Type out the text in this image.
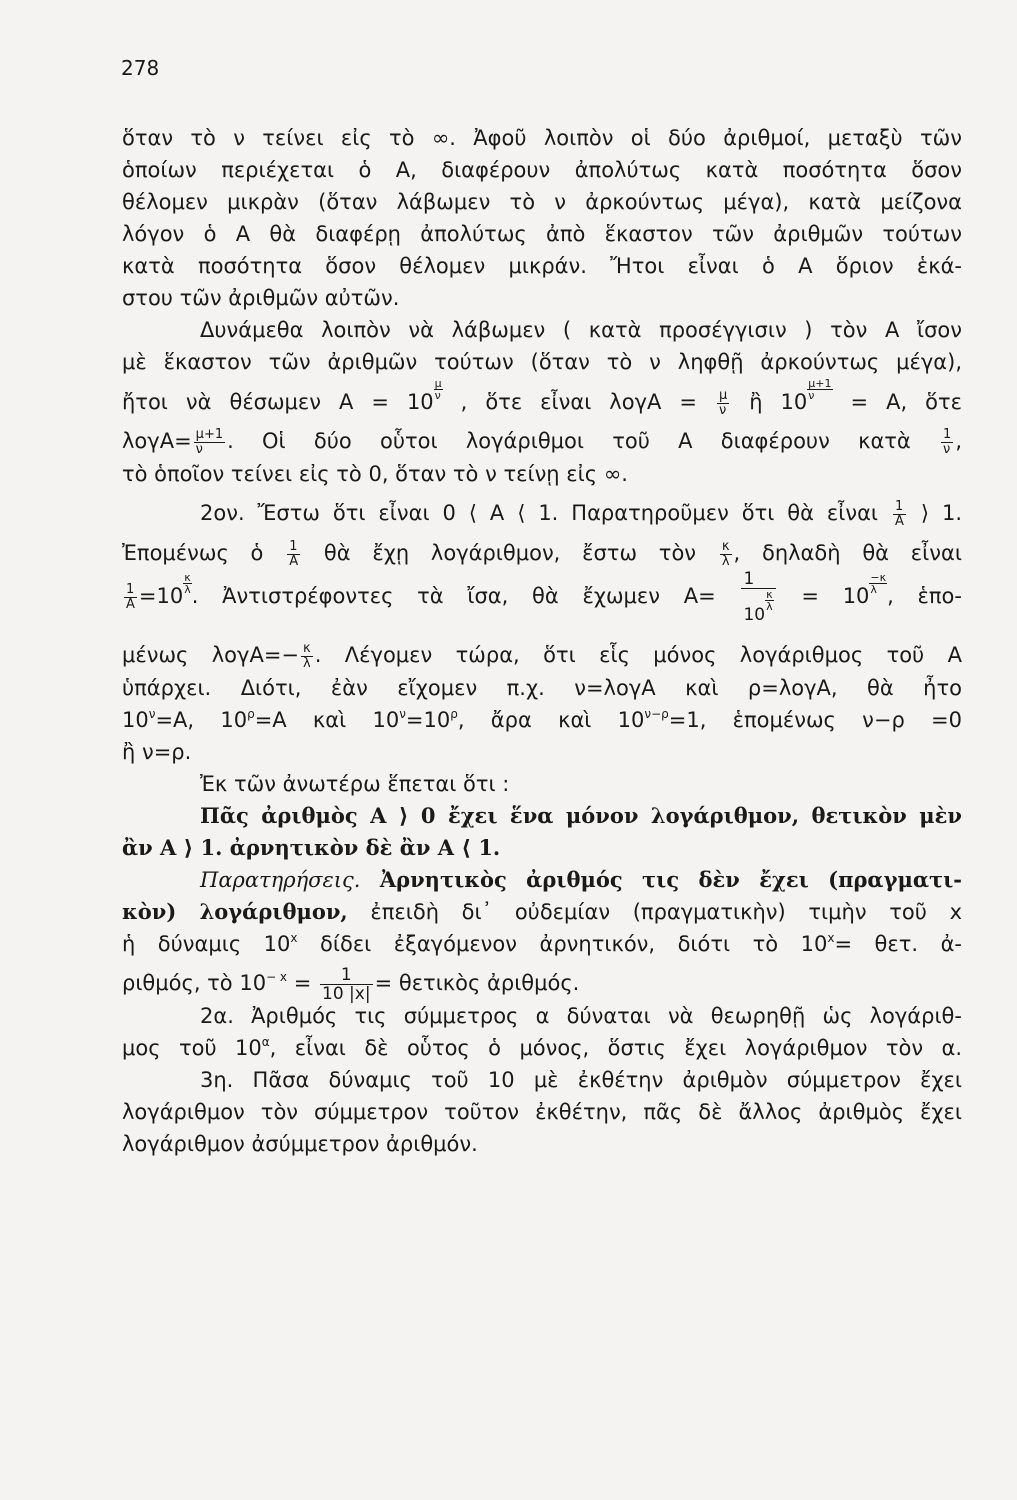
278
ὅταν τὸ ν τείνει εἰς τὸ ∞. Ἀφοῦ λοιπὸν οἱ δύο ἀριθμοί, μεταξὺ τῶν
ὁποίων περιέχεται ὁ Α, διαφέρουν ἀπολύτως κατὰ ποσότητα ὅσον
θέλομεν μικρὰν (ὅταν λάβωμεν τὸ ν ἀρκούντως μέγα), κατὰ μείζονα
λόγον ὁ Α θὰ διαφέρῃ ἀπολύτως ἀπὸ ἕκαστον τῶν ἀριθμῶν τούτων
κατὰ ποσότητα ὅσον θέλομεν μικράν. Ἤτοι εἶναι ὁ Α ὅριον ἑκά-
στου τῶν ἀριθμῶν αὐτῶν.
Δυνάμεθα λοιπὸν νὰ λάβωμεν ( κατὰ προσέγγισιν ) τὸν Α ἴσον
μὲ ἕκαστον τῶν ἀριθμῶν τούτων (ὅταν τὸ ν ληφθῇ ἀρκούντως μέγα),
ἤτοι νὰ θέσωμεν Α = 10
$\frac{\mu}{\nu}$
, ὅτε εἶναι $\lambda o\gamma A = \frac{\mu}{\nu}$ ἢ 10
$\frac{\mu+1}{\nu}$
= Α, ὅτε
$\lambda o\gamma A= \frac{\mu+1}{\nu}$ . Οἱ δύο οὗτοι λογάριθμοι τοῦ Α διαφέρουν κατὰ $\frac{1}{\nu}$ ,
τὸ ὁποῖον τείνει εἰς τὸ 0, ὅταν τὸ ν τείνῃ εἰς ∞.
2ον. Ἔστω ὅτι εἶναι 0 ⟨ Α ⟨ 1. Παρατηροῦμεν ὅτι θὰ εἶναι $\frac{1}{A}$ ⟩ 1.
Ἐπομένως ὁ $\frac{1}{A}$ θὰ ἔχῃ λογάριθμον, ἔστω τὸν $\frac{\kappa}{\lambda}$ , δηλαδὴ θὰ εἶναι
$\frac{1}{A} =10$
$\frac{\kappa}{\lambda}$
. Ἀντιστρέφοντες τὰ ἴσα, θὰ ἔχωμεν Α= 1
10
$\frac{\kappa}{\lambda} = 10$
$\frac{-\kappa}{\lambda}$
, ἑπο-
μένως $\lambda o\gamma A=- \frac{\kappa}{\lambda}$ . Λέγομεν τώρα, ὅτι εἷς μόνος λογάριθμος τοῦ Α
ὑπάρχει. Διότι, ἐὰν εἴχομεν π.χ. ν=λογΑ καὶ ρ=λογΑ, θὰ ἦτο
$10^\nu=A$, $10^\rho=A$ καὶ $10^\nu=10^\rho$, ἄρα καὶ $10^{\nu-\rho}=1$, ἑπομένως ν−ρ =0
ἢ ν=ρ.
Ἐκ τῶν ἀνωτέρω ἕπεται ὅτι :
Πᾶς ἀριθμὸς Α ⟩ 0 ἔχει ἕνα μόνον λογάριθμον, θετικὸν μὲν
ἂν Α ⟩ 1. ἀρνητικὸν δὲ ἂν Α ⟨ 1.
Παρατηρήσεις. Ἀρνητικὸς ἀριθμός τις δὲν ἔχει (πραγματι-
κὸν) λογάριθμον, ἐπειδὴ δι᾽ οὐδεμίαν (πραγματικὴν) τιμὴν τοῦ x
ἡ δύναμις 10$^x$ δίδει ἐξαγόμενον ἀρνητικόν, διότι τὸ $10^x= \theta\varepsilon\tau$. ἀ-
ριθμός, τὸ $10^{- x} = \frac{1}{10 |x|}$ = θετικὸς ἀριθμός.
2α. Ἀριθμός τις σύμμετρος α δύναται νὰ θεωρηθῇ ὡς λογάριθ-
μος τοῦ $10^\alpha$, εἶναι δὲ οὗτος ὁ μόνος, ὅστις ἔχει λογάριθμον τὸν α.
3η. Πᾶσα δύναμις τοῦ 10 μὲ ἐκθέτην ἀριθμὸν σύμμετρον ἔχει
λογάριθμον τὸν σύμμετρον τοῦτον ἐκθέτην, πᾶς δὲ ἄλλος ἀριθμὸς ἔχει
λογάριθμον ἀσύμμετρον ἀριθμόν.
